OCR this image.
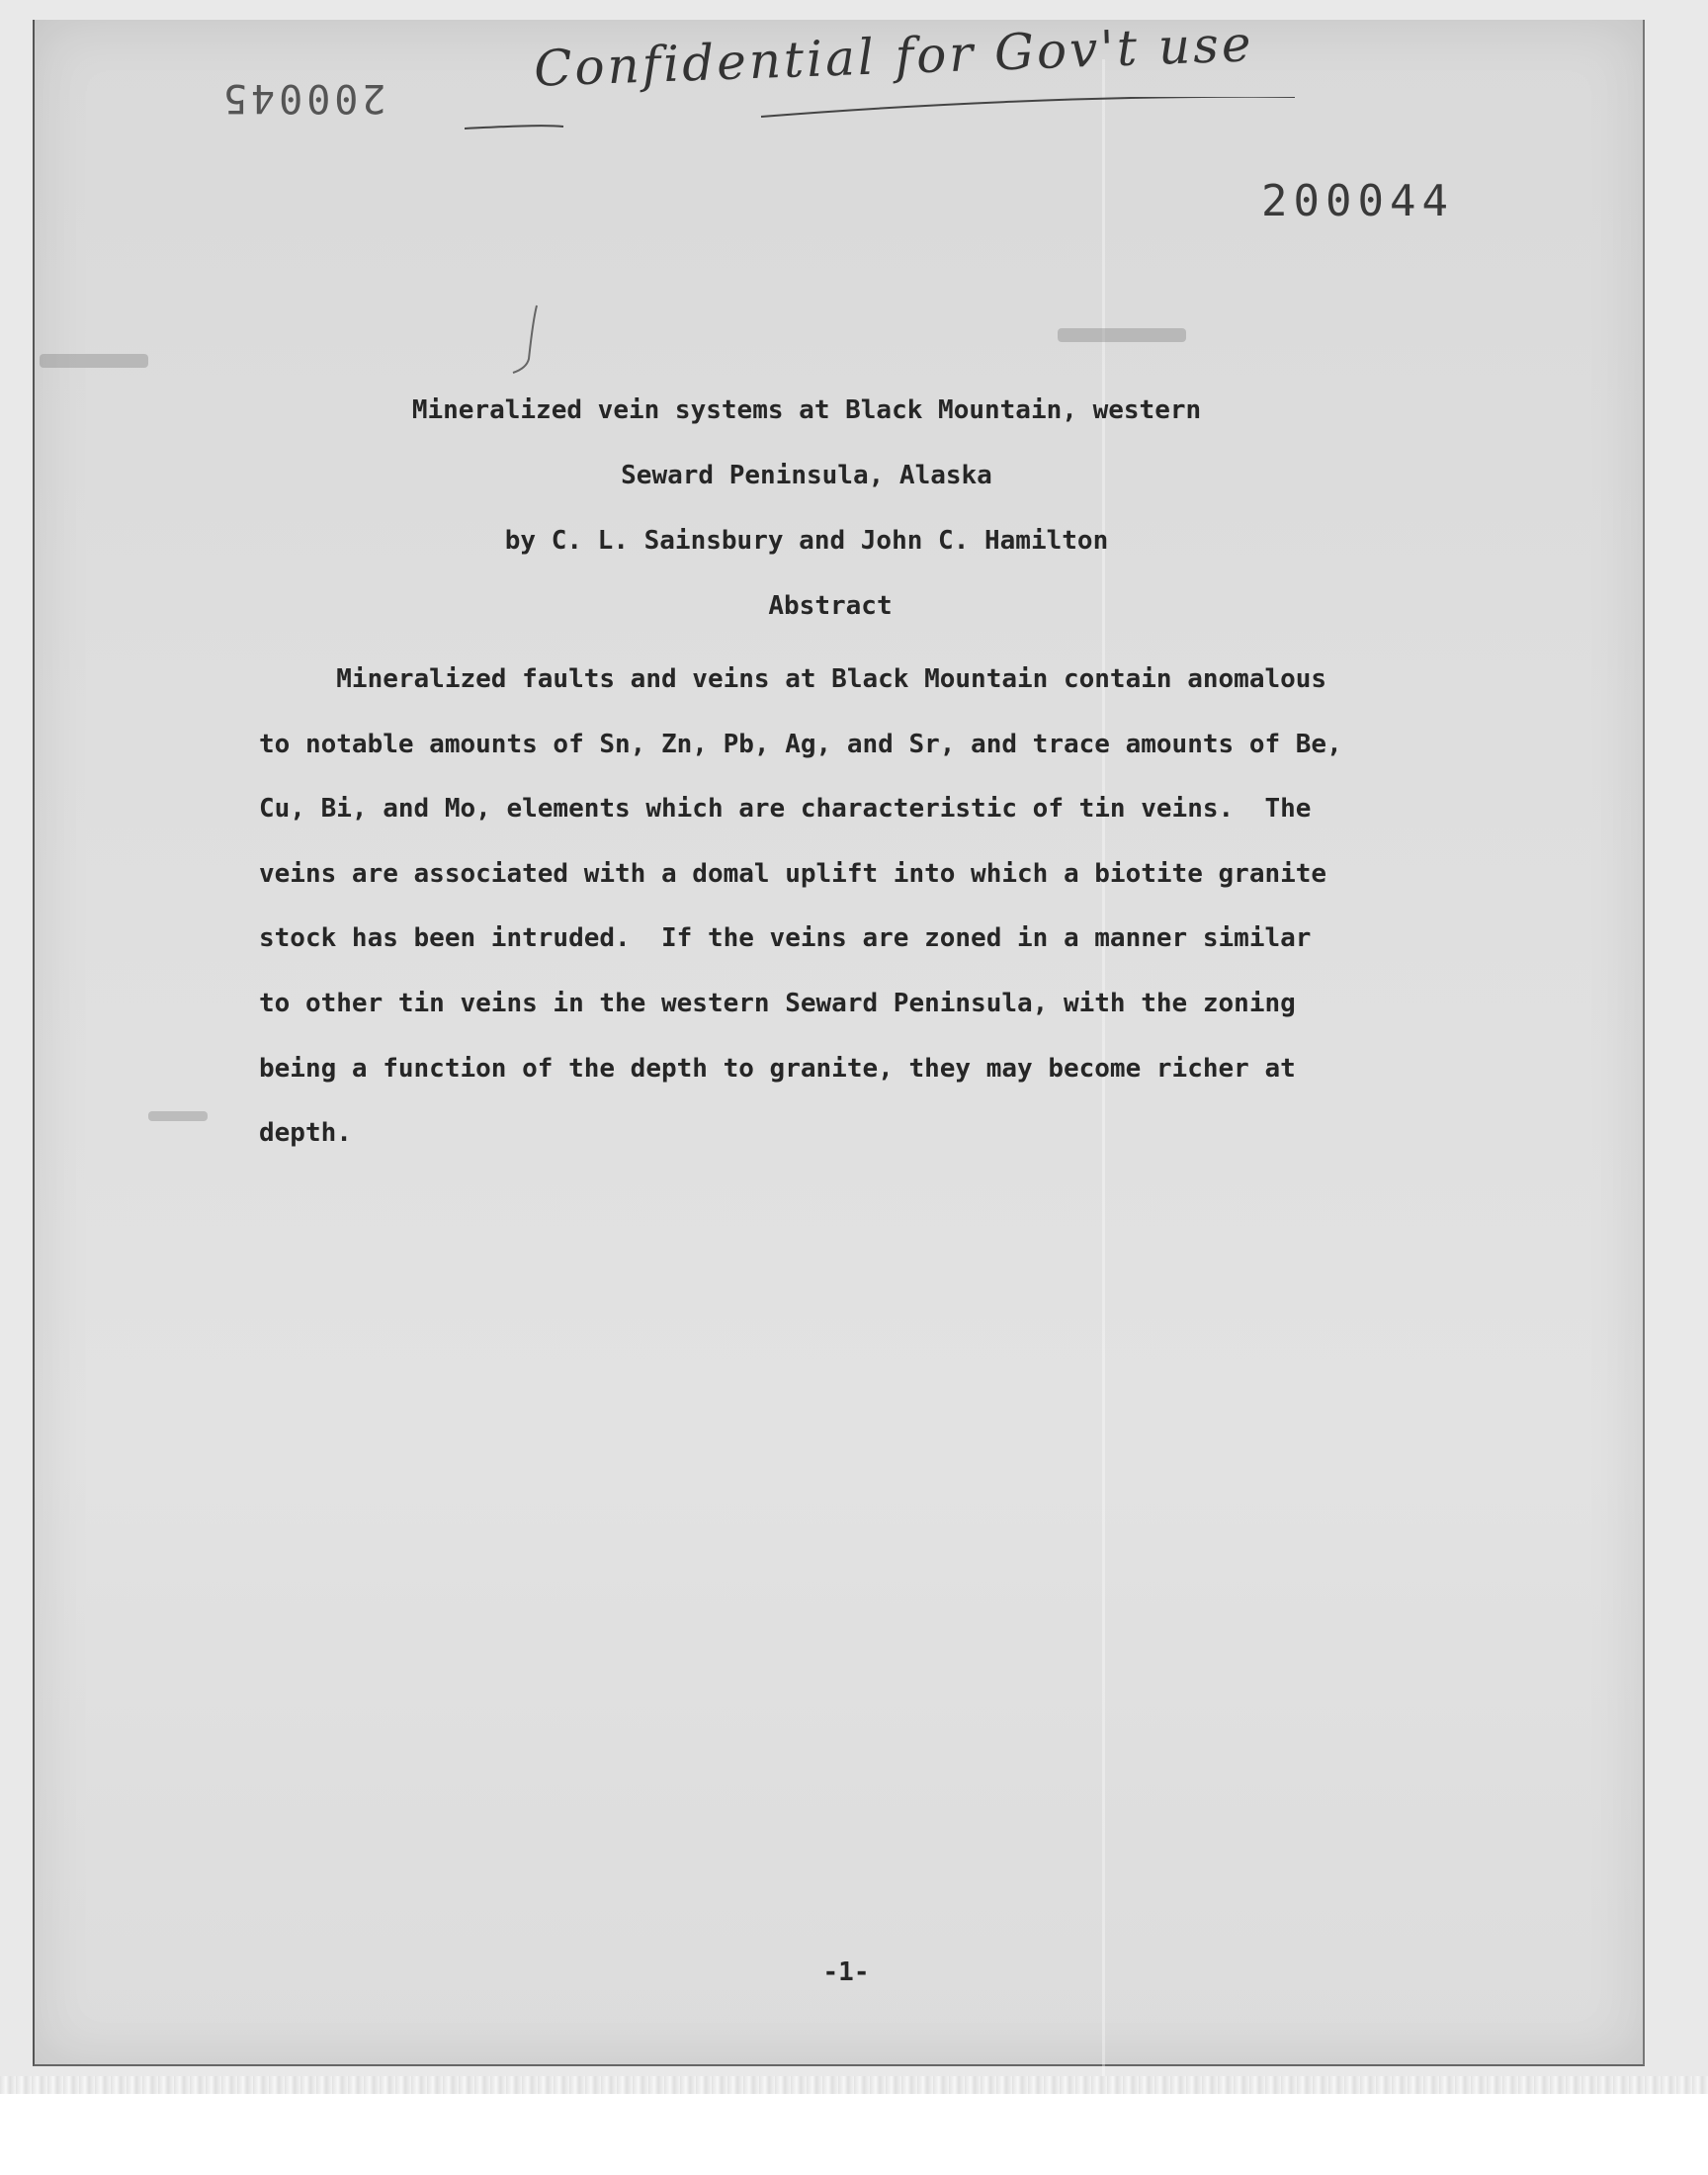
Confidential for Gov't use
200045
200044
Mineralized vein systems at Black Mountain, western
Seward Peninsula, Alaska
by C. L. Sainsbury and John C. Hamilton
Abstract
Mineralized faults and veins at Black Mountain contain anomalous
to notable amounts of Sn, Zn, Pb, Ag, and Sr, and trace amounts of Be,
Cu, Bi, and Mo, elements which are characteristic of tin veins.  The
veins are associated with a domal uplift into which a biotite granite
stock has been intruded.  If the veins are zoned in a manner similar
to other tin veins in the western Seward Peninsula, with the zoning
being a function of the depth to granite, they may become richer at
depth.
-1-
